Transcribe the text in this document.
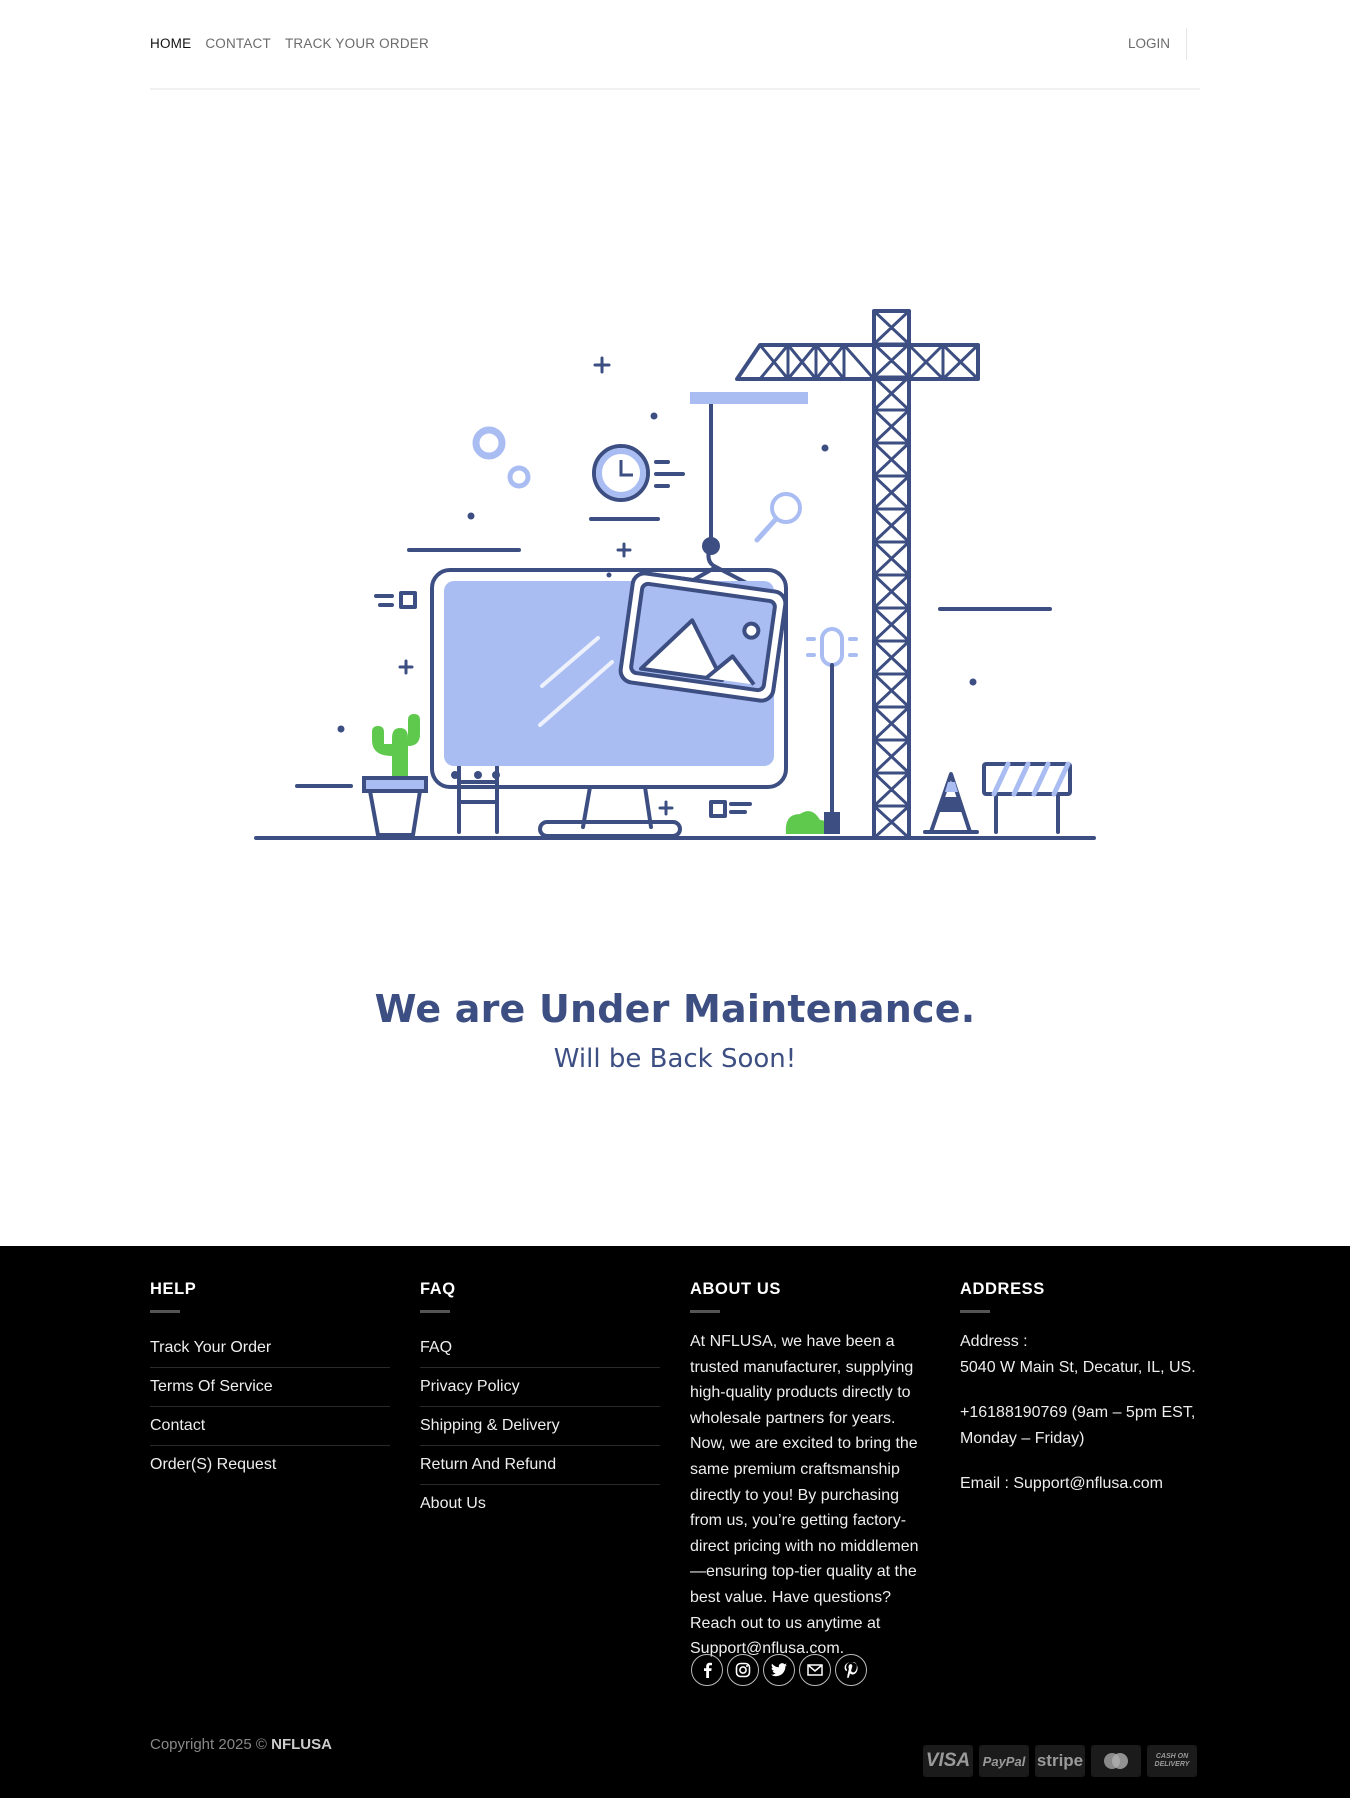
HOME CONTACT TRACK YOUR ORDER	LOGIN
We are Under Maintenance.
Will be Back Soon!
HELP
Track Your Order
Terms Of Service
Contact
Order(S) Request
FAQ
FAQ
Privacy Policy
Shipping & Delivery
Return And Refund
About Us
ABOUT US

At NFLUSA, we have been a trusted manufacturer, supplying high-quality products directly to wholesale partners for years. Now, we are excited to bring the same premium craftsmanship directly to you! By purchasing from us, you’re getting factory-direct pricing with no middlemen—ensuring top-tier quality at the best value. Have questions? Reach out to us anytime at Support@nflusa.com.

ADDRESS

Address :
5040 W Main St, Decatur, IL, US.

+16188190769 (9am – 5pm EST, Monday – Friday)

Email : Support@nflusa.com

Copyright 2025 © NFLUSA
VISA PayPal stripe	CASH ON DELIVERY
